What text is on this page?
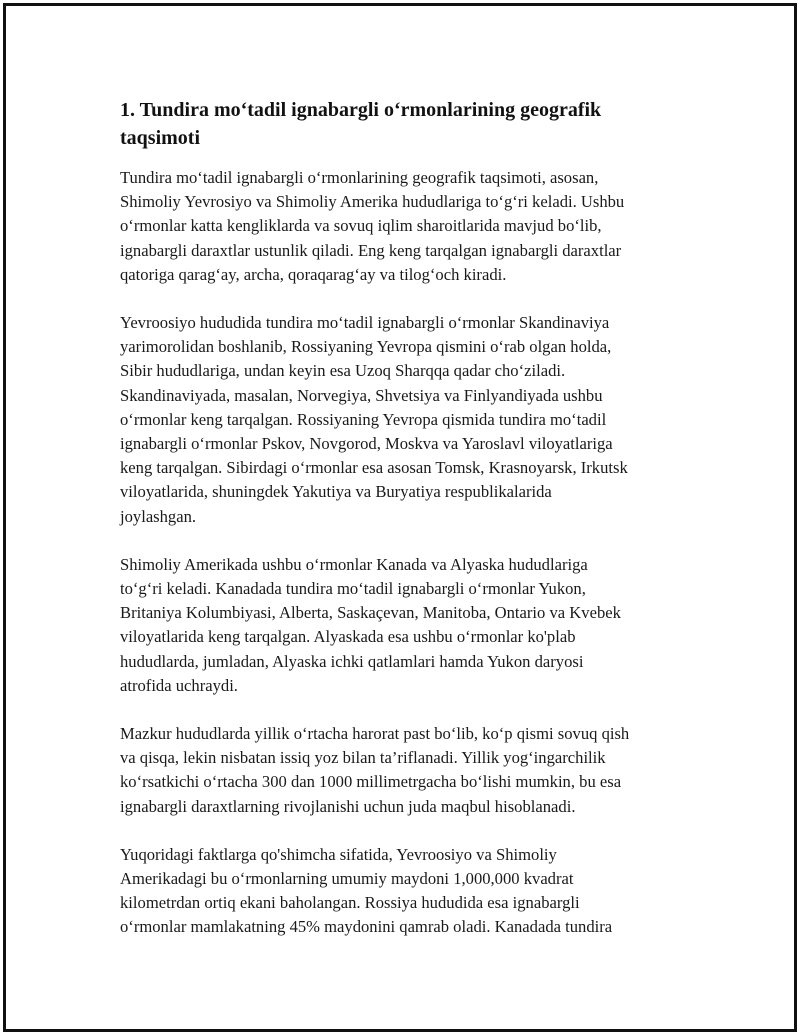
1. Tundira mo‘tadil ignabargli o‘rmonlarining geografik
taqsimoti

Tundira mo‘tadil ignabargli o‘rmonlarining geografik taqsimoti, asosan,
Shimoliy Yevrosiyo va Shimoliy Amerika hududlariga to‘g‘ri keladi. Ushbu
o‘rmonlar katta kengliklarda va sovuq iqlim sharoitlarida mavjud bo‘lib,
ignabargli daraxtlar ustunlik qiladi. Eng keng tarqalgan ignabargli daraxtlar
qatoriga qarag‘ay, archa, qoraqarag‘ay va tilog‘och kiradi.

Yevroosiyo hududida tundira mo‘tadil ignabargli o‘rmonlar Skandinaviya
yarimorolidan boshlanib, Rossiyaning Yevropa qismini o‘rab olgan holda,
Sibir hududlariga, undan keyin esa Uzoq Sharqqa qadar cho‘ziladi.
Skandinaviyada, masalan, Norvegiya, Shvetsiya va Finlyandiyada ushbu
o‘rmonlar keng tarqalgan. Rossiyaning Yevropa qismida tundira mo‘tadil
ignabargli o‘rmonlar Pskov, Novgorod, Moskva va Yaroslavl viloyatlariga
keng tarqalgan. Sibirdagi o‘rmonlar esa asosan Tomsk, Krasnoyarsk, Irkutsk
viloyatlarida, shuningdek Yakutiya va Buryatiya respublikalarida
joylashgan.

Shimoliy Amerikada ushbu o‘rmonlar Kanada va Alyaska hududlariga
to‘g‘ri keladi. Kanadada tundira mo‘tadil ignabargli o‘rmonlar Yukon,
Britaniya Kolumbiyasi, Alberta, Saskaçevan, Manitoba, Ontario va Kvebek
viloyatlarida keng tarqalgan. Alyaskada esa ushbu o‘rmonlar ko'plab
hududlarda, jumladan, Alyaska ichki qatlamlari hamda Yukon daryosi
atrofida uchraydi.

Mazkur hududlarda yillik o‘rtacha harorat past bo‘lib, ko‘p qismi sovuq qish
va qisqa, lekin nisbatan issiq yoz bilan ta’riflanadi. Yillik yog‘ingarchilik
ko‘rsatkichi o‘rtacha 300 dan 1000 millimetrgacha bo‘lishi mumkin, bu esa
ignabargli daraxtlarning rivojlanishi uchun juda maqbul hisoblanadi.

Yuqoridagi faktlarga qo'shimcha sifatida, Yevroosiyo va Shimoliy
Amerikadagi bu o‘rmonlarning umumiy maydoni 1,000,000 kvadrat
kilometrdan ortiq ekani baholangan. Rossiya hududida esa ignabargli
o‘rmonlar mamlakatning 45% maydonini qamrab oladi. Kanadada tundira
